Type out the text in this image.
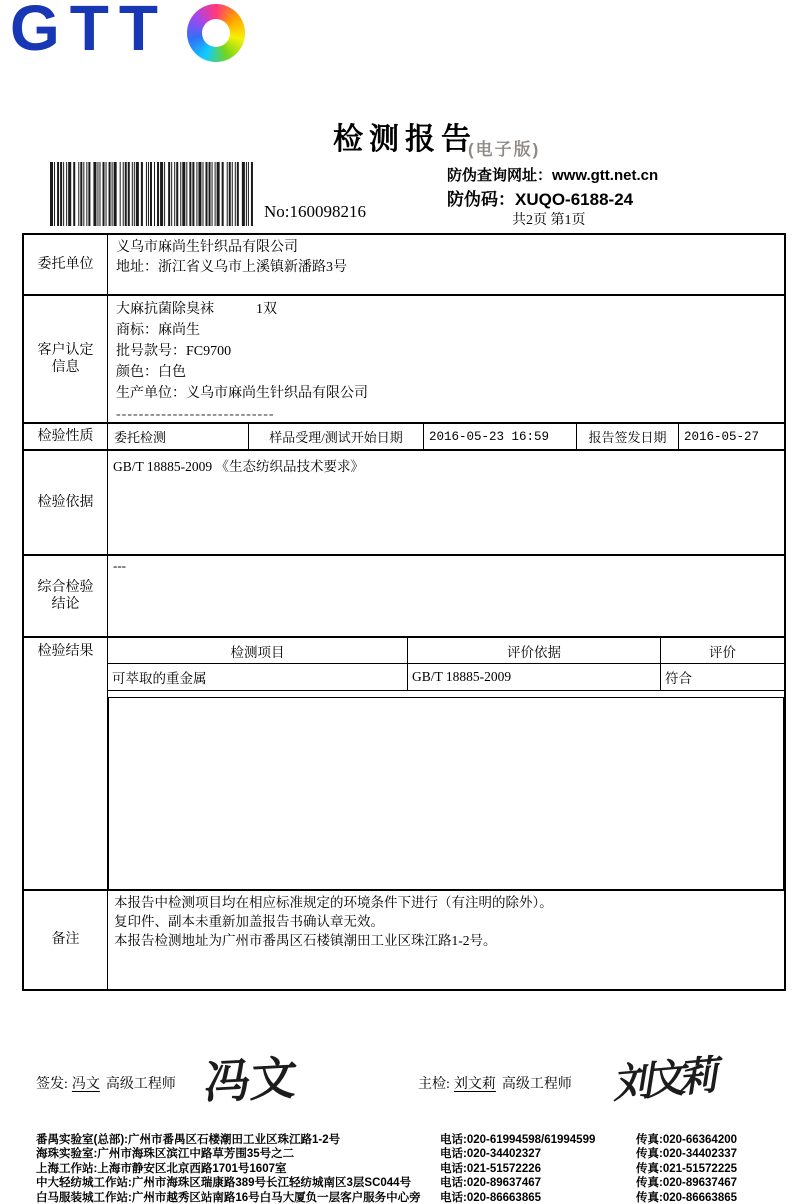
GTT
检测报告
(电子版)
防伪查询网址：www.gtt.net.cn
防伪码：XUQO-6188-24
共2页 第1页
No:160098216
委托单位
义乌市麻尚生针织品有限公司
地址：浙江省义乌市上溪镇新潘路3号
客户认定
信息
大麻抗菌除臭袜	1双
商标：麻尚生
批号款号：FC9700
颜色：白色
生产单位：义乌市麻尚生针织品有限公司
----------------------------
检验性质	委托检测	样品受理/测试开始日期	2016-05-23 16:59	报告签发日期	2016-05-27
检验依据
GB/T 18885-2009 《生态纺织品技术要求》
综合检验
结论
---
检验结果	检测项目	评价依据	评价
可萃取的重金属	GB/T 18885-2009	符合
备注
本报告中检测项目均在相应标准规定的环境条件下进行（有注明的除外）。
复印件、副本未重新加盖报告书确认章无效。
本报告检测地址为广州市番禺区石楼镇潮田工业区珠江路1-2号。
签发: 冯文 高级工程师 冯文	主检: 刘文莉 高级工程师 刘文莉
番禺实验室(总部):广州市番禺区石楼潮田工业区珠江路1-2号	电话:020-61994598/61994599	传真:020-66364200
海珠实验室:广州市海珠区滨江中路草芳围35号之二	电话:020-34402327	传真:020-34402337
上海工作站:上海市静安区北京西路1701号1607室	电话:021-51572226	传真:021-51572225
中大轻纺城工作站:广州市海珠区瑞康路389号长江轻纺城南区3层SC044号	电话:020-89637467	传真:020-89637467
白马服装城工作站:广州市越秀区站南路16号白马大厦负一层客户服务中心旁	电话:020-86663865	传真:020-86663865
